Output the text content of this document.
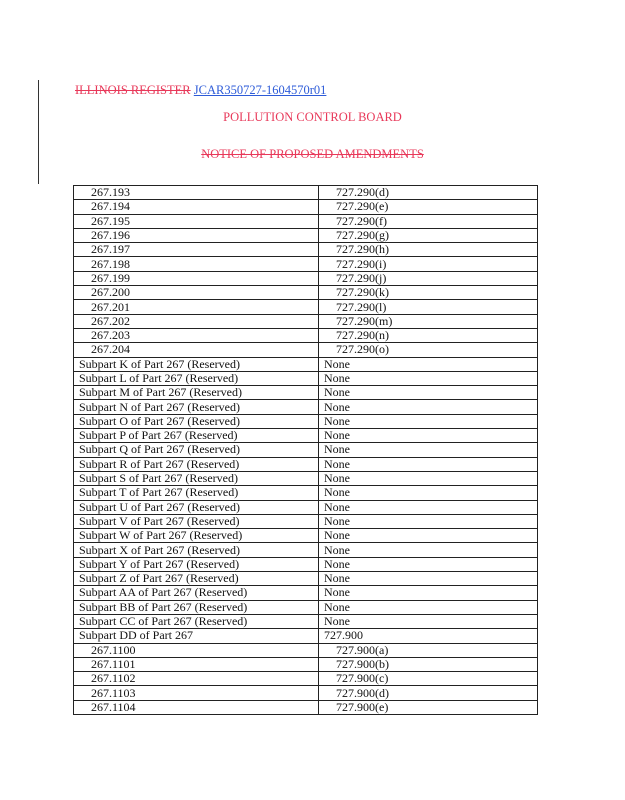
ILLINOIS REGISTER JCAR350727-1604570r01
POLLUTION CONTROL BOARD
NOTICE OF PROPOSED AMENDMENTS
267.193	727.290(d)
267.194	727.290(e)
267.195	727.290(f)
267.196	727.290(g)
267.197	727.290(h)
267.198	727.290(i)
267.199	727.290(j)
267.200	727.290(k)
267.201	727.290(l)
267.202	727.290(m)
267.203	727.290(n)
267.204	727.290(o)
Subpart K of Part 267 (Reserved)	None
Subpart L of Part 267 (Reserved)	None
Subpart M of Part 267 (Reserved)	None
Subpart N of Part 267 (Reserved)	None
Subpart O of Part 267 (Reserved)	None
Subpart P of Part 267 (Reserved)	None
Subpart Q of Part 267 (Reserved)	None
Subpart R of Part 267 (Reserved)	None
Subpart S of Part 267 (Reserved)	None
Subpart T of Part 267 (Reserved)	None
Subpart U of Part 267 (Reserved)	None
Subpart V of Part 267 (Reserved)	None
Subpart W of Part 267 (Reserved)	None
Subpart X of Part 267 (Reserved)	None
Subpart Y of Part 267 (Reserved)	None
Subpart Z of Part 267 (Reserved)	None
Subpart AA of Part 267 (Reserved)	None
Subpart BB of Part 267 (Reserved)	None
Subpart CC of Part 267 (Reserved)	None
Subpart DD of Part 267	727.900
267.1100	727.900(a)
267.1101	727.900(b)
267.1102	727.900(c)
267.1103	727.900(d)
267.1104	727.900(e)
